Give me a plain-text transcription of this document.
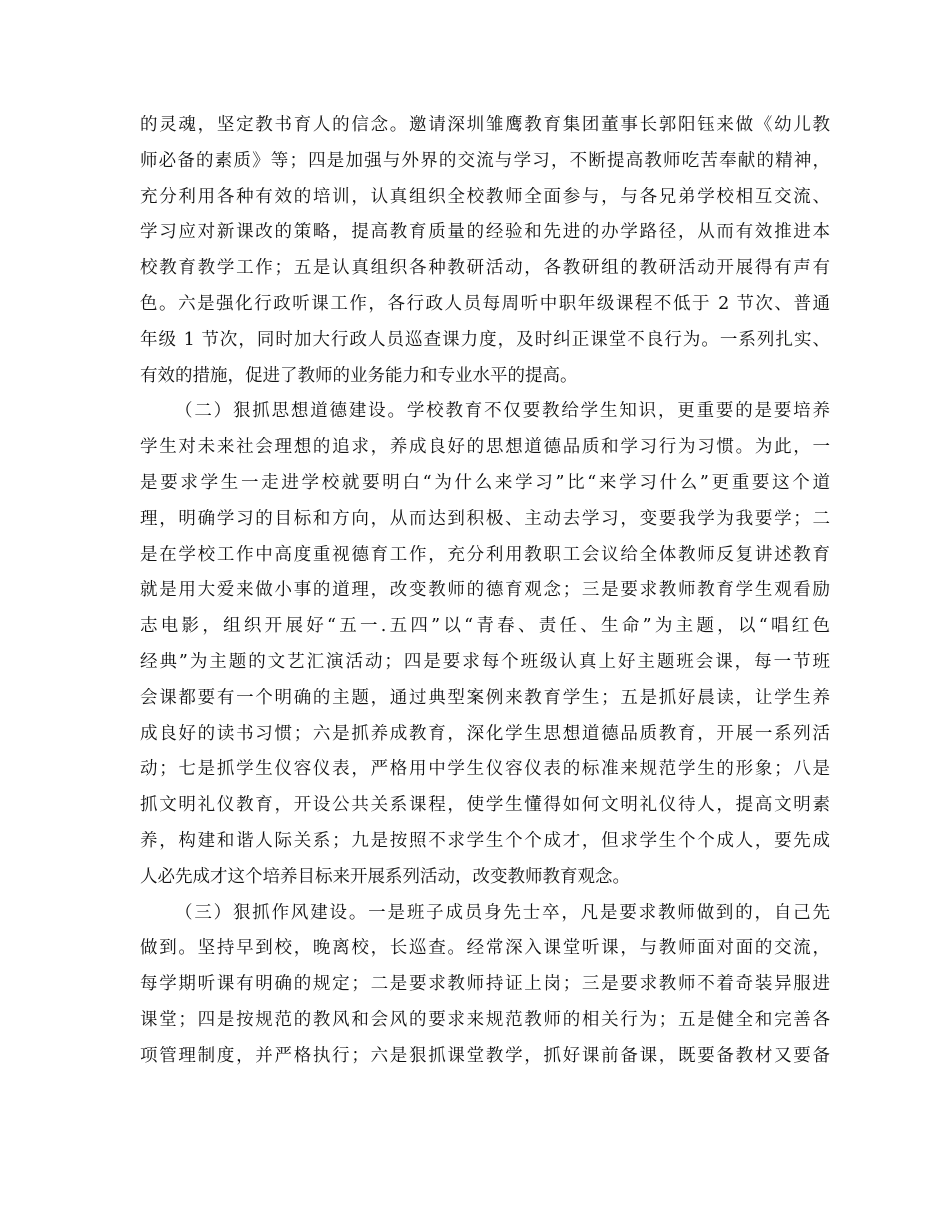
的灵魂，坚定教书育人的信念。邀请深圳雏鹰教育集团董事长郭阳钰来做《幼儿教
师必备的素质》等；四是加强与外界的交流与学习，不断提高教师吃苦奉献的精神，
充分利用各种有效的培训，认真组织全校教师全面参与，与各兄弟学校相互交流、
学习应对新课改的策略，提高教育质量的经验和先进的办学路径，从而有效推进本
校教育教学工作；五是认真组织各种教研活动，各教研组的教研活动开展得有声有
色。六是强化行政听课工作，各行政人员每周听中职年级课程不低于 2 节次、普通
年级 1 节次，同时加大行政人员巡查课力度，及时纠正课堂不良行为。一系列扎实、
有效的措施，促进了教师的业务能力和专业水平的提高。
（二）狠抓思想道德建设。学校教育不仅要教给学生知识，更重要的是要培养
学生对未来社会理想的追求，养成良好的思想道德品质和学习行为习惯。为此，一
是要求学生一走进学校就要明白“为什么来学习”比“来学习什么”更重要这个道
理，明确学习的目标和方向，从而达到积极、主动去学习，变要我学为我要学；二
是在学校工作中高度重视德育工作，充分利用教职工会议给全体教师反复讲述教育
就是用大爱来做小事的道理，改变教师的德育观念；三是要求教师教育学生观看励
志电影，组织开展好“五一.五四”以“青春、责任、生命”为主题，以“唱红色
经典”为主题的文艺汇演活动；四是要求每个班级认真上好主题班会课，每一节班
会课都要有一个明确的主题，通过典型案例来教育学生；五是抓好晨读，让学生养
成良好的读书习惯；六是抓养成教育，深化学生思想道德品质教育，开展一系列活
动；七是抓学生仪容仪表，严格用中学生仪容仪表的标准来规范学生的形象；八是
抓文明礼仪教育，开设公共关系课程，使学生懂得如何文明礼仪待人，提高文明素
养，构建和谐人际关系；九是按照不求学生个个成才，但求学生个个成人，要先成
人必先成才这个培养目标来开展系列活动，改变教师教育观念。
（三）狠抓作风建设。一是班子成员身先士卒，凡是要求教师做到的，自己先
做到。坚持早到校，晚离校，长巡查。经常深入课堂听课，与教师面对面的交流，
每学期听课有明确的规定；二是要求教师持证上岗；三是要求教师不着奇装异服进
课堂；四是按规范的教风和会风的要求来规范教师的相关行为；五是健全和完善各
项管理制度，并严格执行；六是狠抓课堂教学，抓好课前备课，既要备教材又要备
